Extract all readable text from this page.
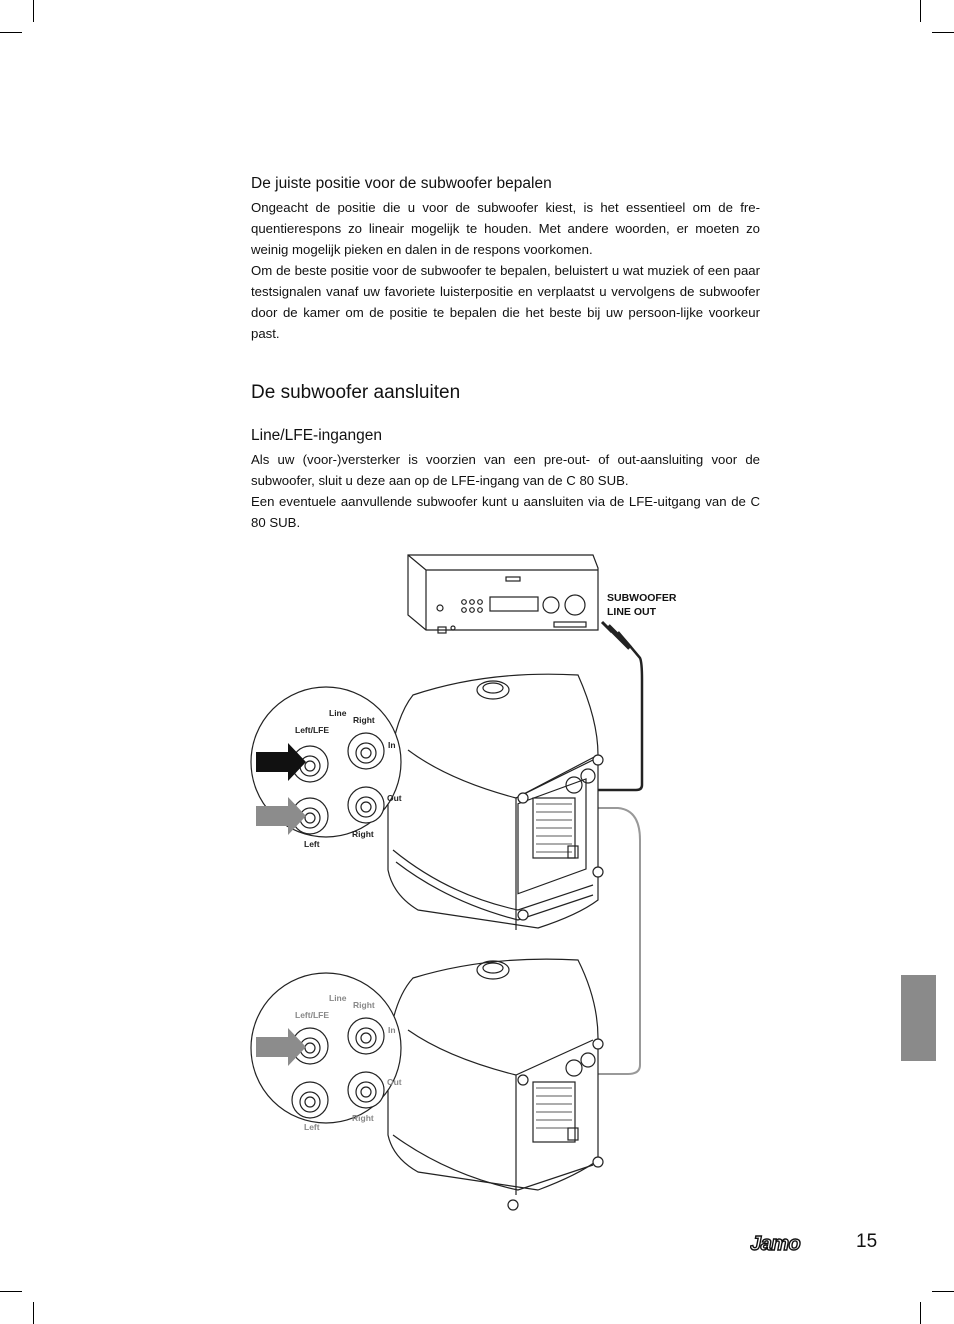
De juiste positie voor de subwoofer bepalen

Ongeacht de positie die u voor de subwoofer kiest, is het essentieel om de fre-quentierespons zo lineair mogelijk te houden. Met andere woorden, er moeten zo weinig mogelijk pieken en dalen in de respons voorkomen.

Om de beste positie voor de subwoofer te bepalen, beluistert u wat muziek of een paar testsignalen vanaf uw favoriete luisterpositie en verplaatst u vervolgens de subwoofer door de kamer om de positie te bepalen die het beste bij uw persoon-lijke voorkeur past.

De subwoofer aansluiten
Line/LFE-ingangen

Als uw (voor-)versterker is voorzien van een pre-out- of out-aansluiting voor de subwoofer, sluit u deze aan op de LFE-ingang van de C 80 SUB.

Een eventuele aanvullende subwoofer kunt u aansluiten via de LFE-uitgang van de C 80 SUB.

Line
Left/LFE
Right
In
Out
Left
Right
Line
Left/LFE
Right
In
Out
Left
Right
SUBWOOFER
LINE OUT
Jamo	15
